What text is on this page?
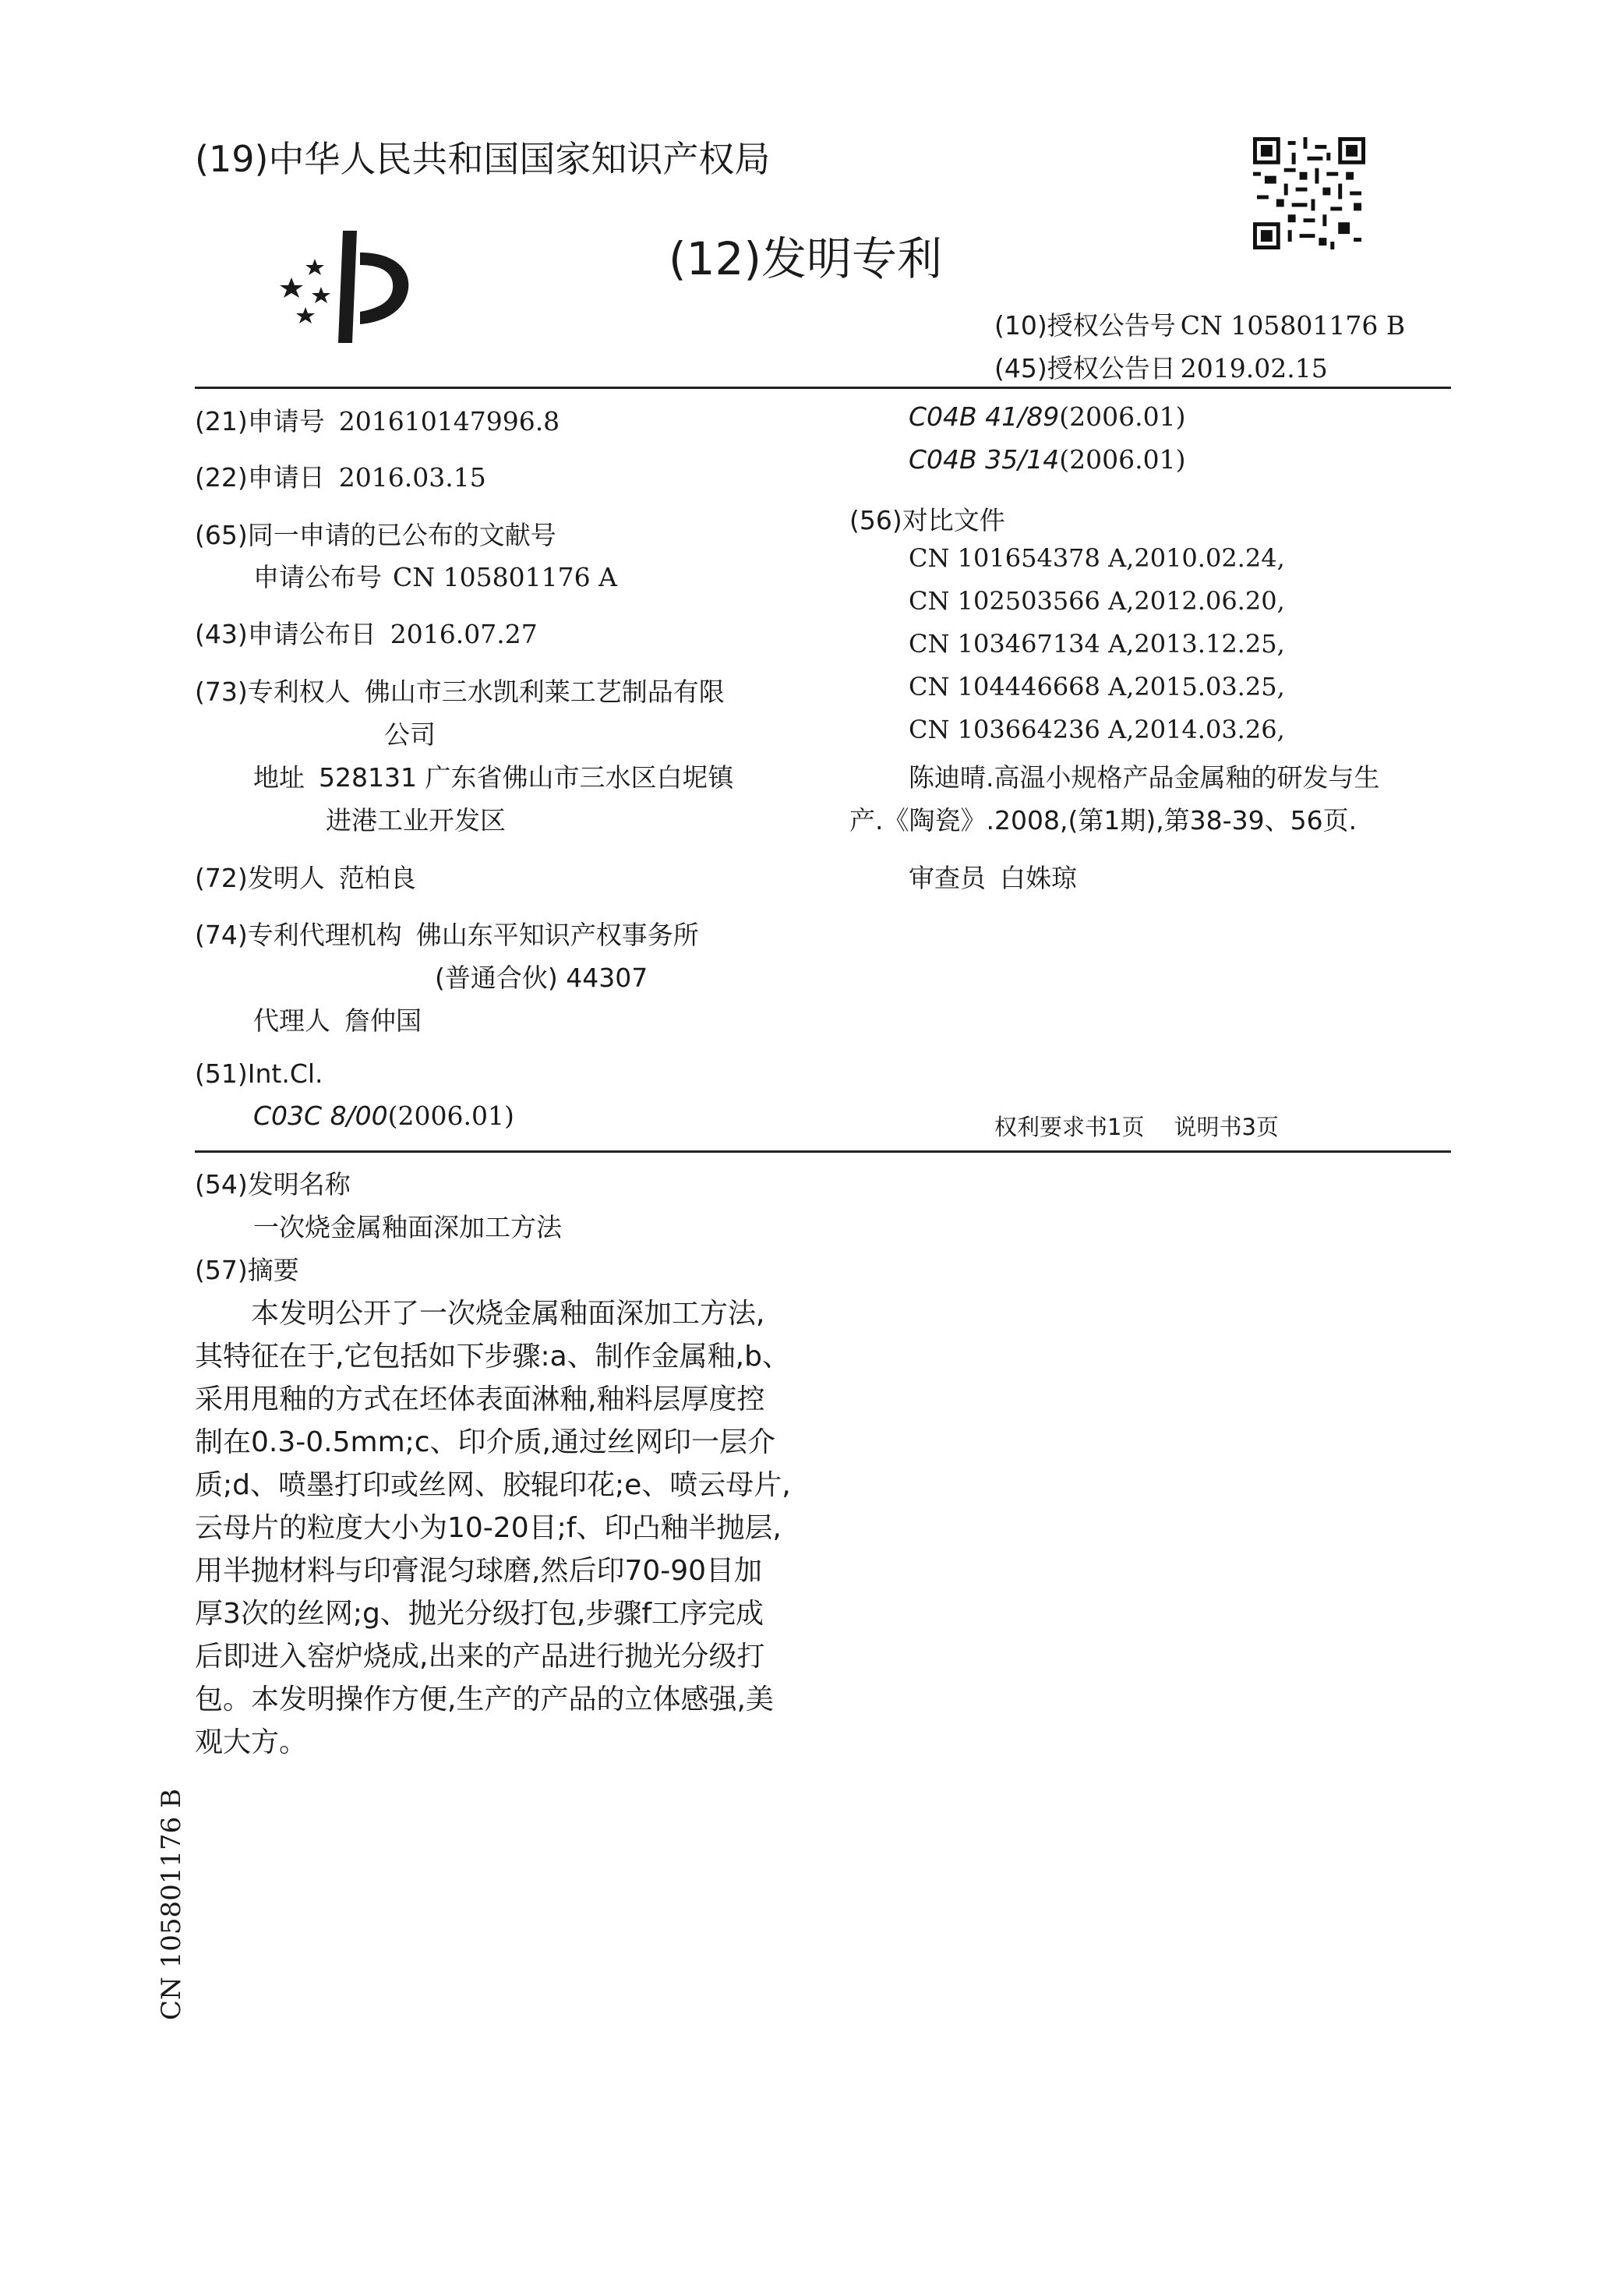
(19)中华人民共和国国家知识产权局
(12)发明专利
(10)授权公告号 CN 105801176 B
(45)授权公告日 2019.02.15
(21)申请号 201610147996.8
(22)申请日 2016.03.15
(65)同一申请的已公布的文献号
申请公布号 CN 105801176 A
(43)申请公布日 2016.07.27
(73)专利权人 佛山市三水凯利莱工艺制品有限
公司
地址 528131 广东省佛山市三水区白坭镇
进港工业开发区
(72)发明人 范柏良
(74)专利代理机构 佛山东平知识产权事务所
(普通合伙) 44307
代理人 詹仲国
(51)Int.Cl.
C03C 8/00(2006.01)
C04B 41/89(2006.01)
C04B 35/14(2006.01)
(56)对比文件
CN 101654378 A,2010.02.24,
CN 102503566 A,2012.06.20,
CN 103467134 A,2013.12.25,
CN 104446668 A,2015.03.25,
CN 103664236 A,2014.03.26,
陈迪晴.高温小规格产品金属釉的研发与生
产.《陶瓷》.2008,(第1期),第38-39、56页.
审查员 白姝琼
权利要求书1页 说明书3页
(54)发明名称
一次烧金属釉面深加工方法
(57)摘要
　　本发明公开了一次烧金属釉面深加工方法,
其特征在于,它包括如下步骤:a、制作金属釉,b、
采用甩釉的方式在坯体表面淋釉,釉料层厚度控
制在0.3-0.5mm;c、印介质,通过丝网印一层介
质;d、喷墨打印或丝网、胶辊印花;e、喷云母片,
云母片的粒度大小为10-20目;f、印凸釉半抛层,
用半抛材料与印膏混匀球磨,然后印70-90目加
厚3次的丝网;g、抛光分级打包,步骤f工序完成
后即进入窑炉烧成,出来的产品进行抛光分级打
包。本发明操作方便,生产的产品的立体感强,美
观大方。
CN 105801176 B
